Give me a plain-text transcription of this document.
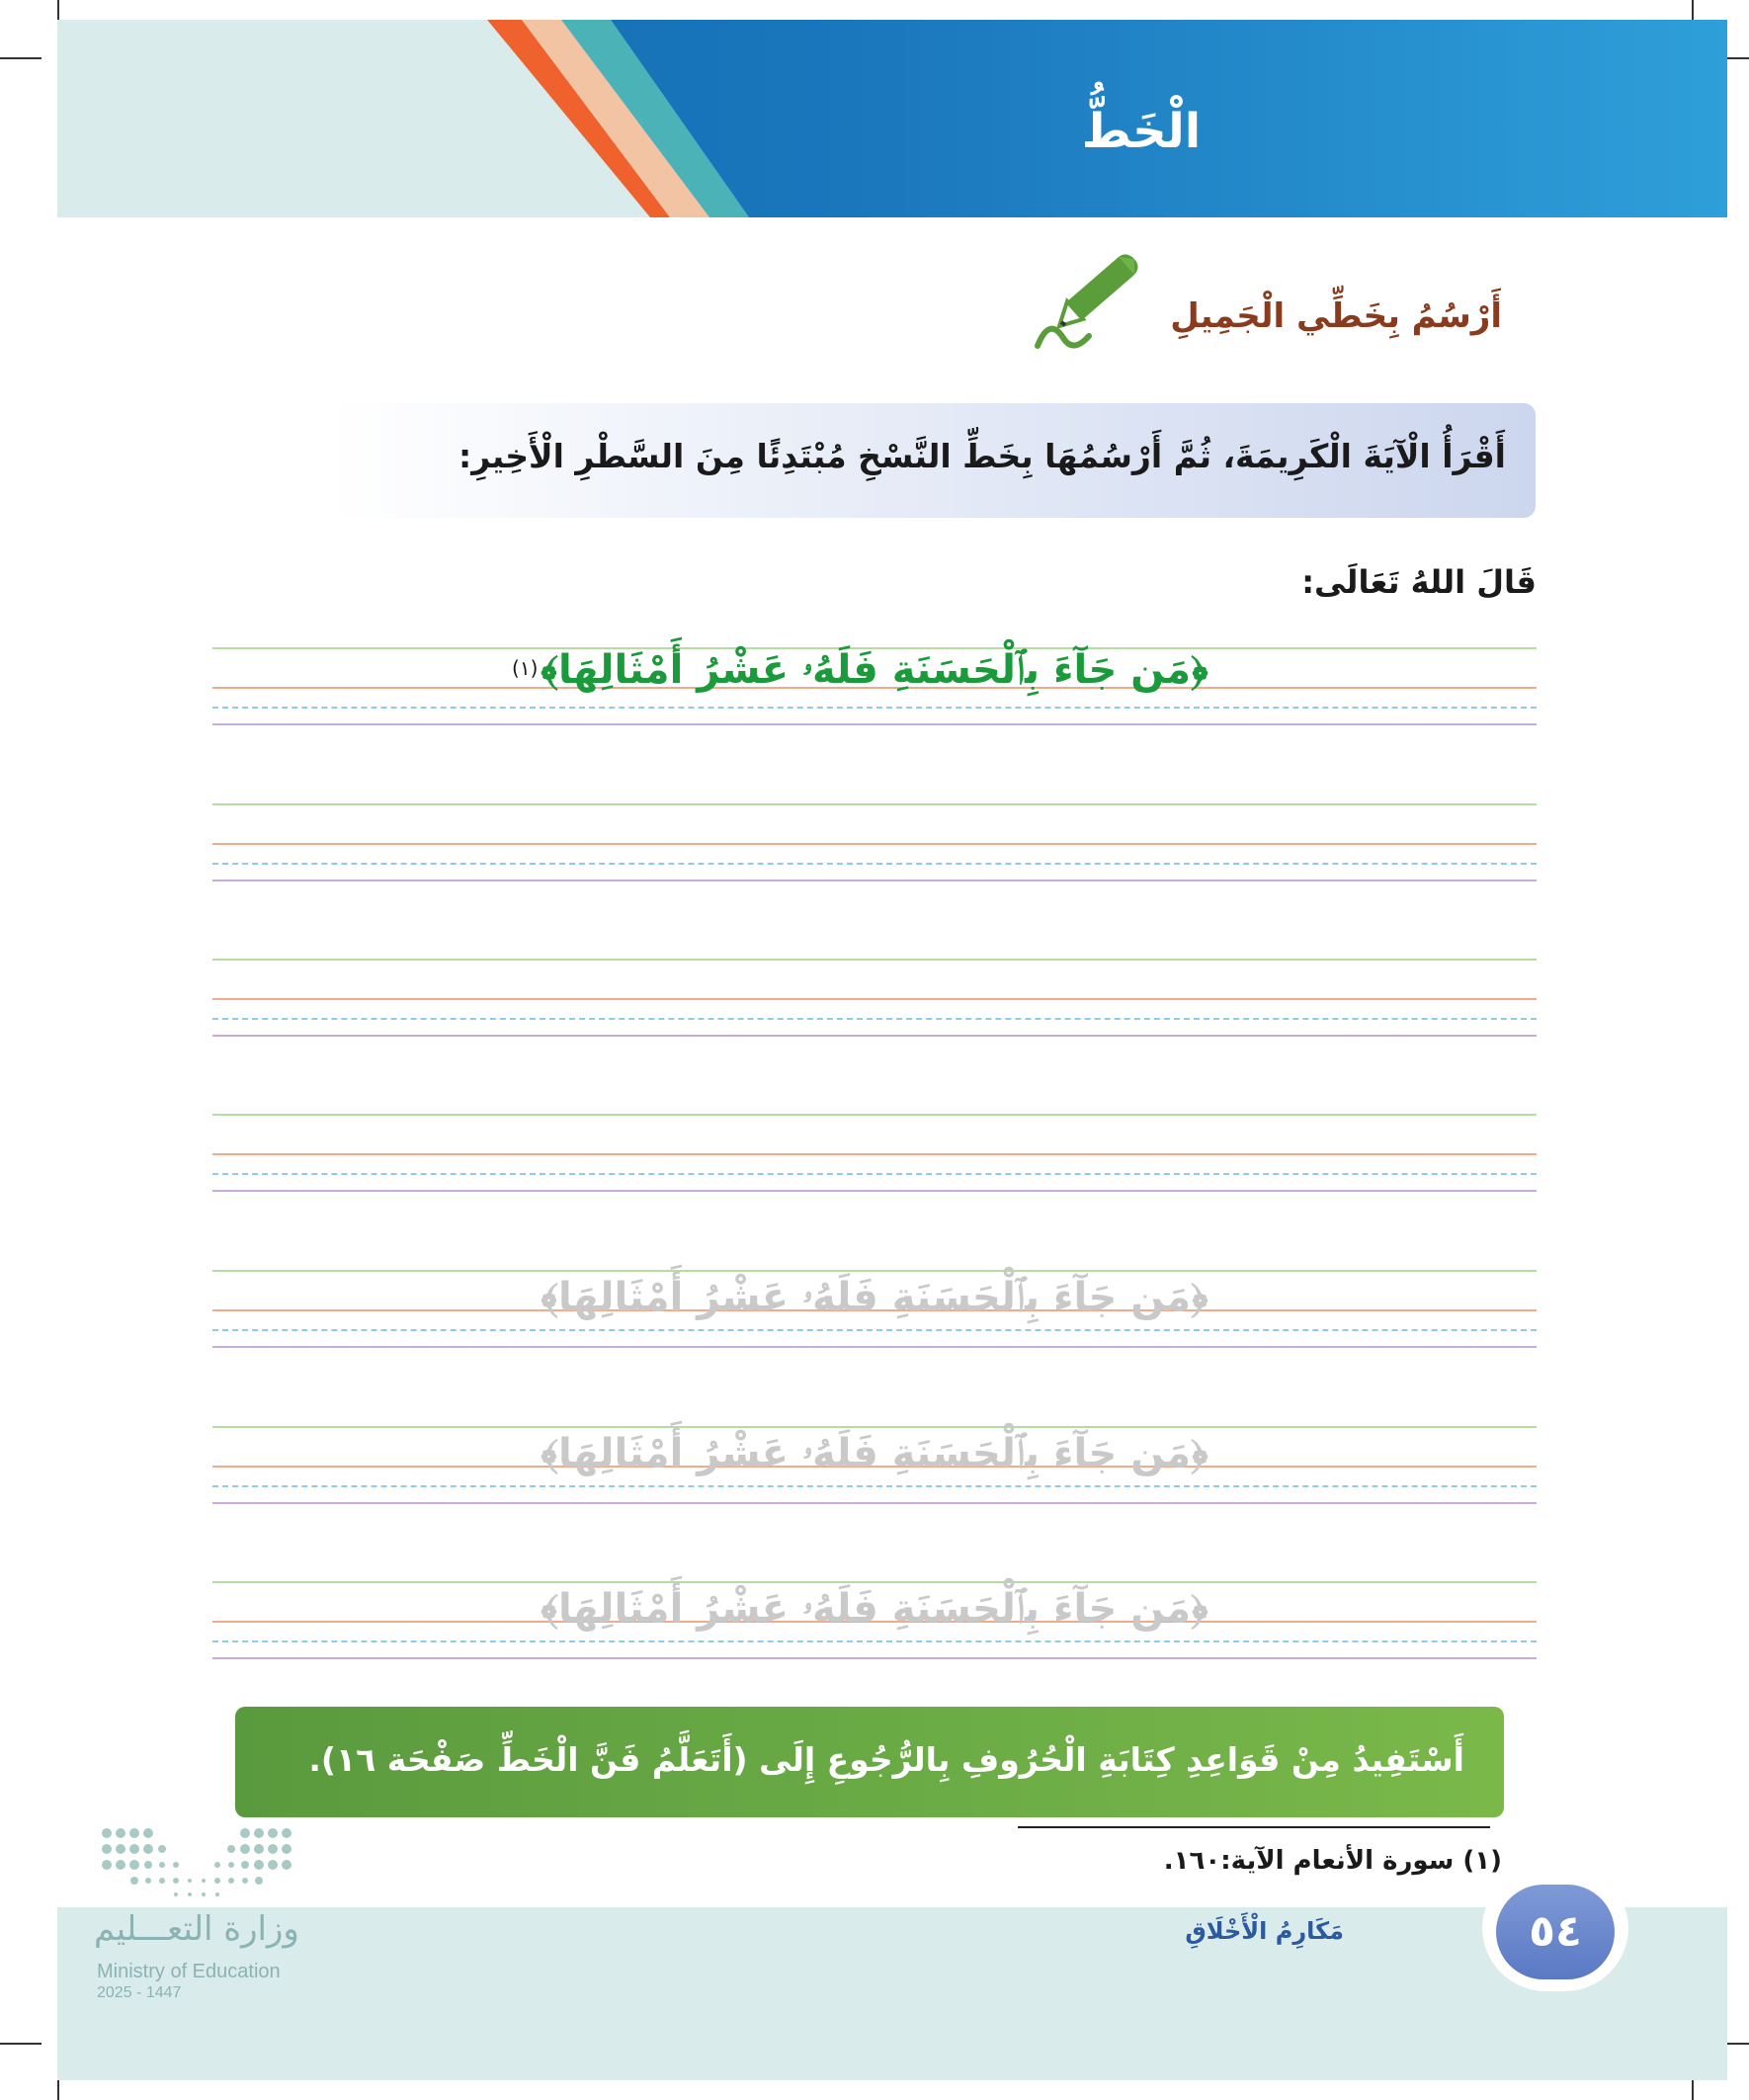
الْخَطُّ
أَرْسُمُ بِخَطِّي الْجَمِيلِ
أَقْرَأُ الْآيَةَ الْكَرِيمَةَ، ثُمَّ أَرْسُمُهَا بِخَطِّ النَّسْخِ مُبْتَدِئًا مِنَ السَّطْرِ الْأَخِيرِ:
قَالَ اللهُ تَعَالَى:
﴿مَن جَآءَ بِٱلْحَسَنَةِ فَلَهُۥ عَشْرُ أَمْثَالِهَا﴾
(١)
﴿مَن جَآءَ بِٱلْحَسَنَةِ فَلَهُۥ عَشْرُ أَمْثَالِهَا﴾
﴿مَن جَآءَ بِٱلْحَسَنَةِ فَلَهُۥ عَشْرُ أَمْثَالِهَا﴾
﴿مَن جَآءَ بِٱلْحَسَنَةِ فَلَهُۥ عَشْرُ أَمْثَالِهَا﴾
أَسْتَفِيدُ مِنْ قَوَاعِدِ كِتَابَةِ الْحُرُوفِ بِالرُّجُوعِ إِلَى (أَتَعَلَّمُ فَنَّ الْخَطِّ صَفْحَة ١٦).
(١) سورة الأنعام الآية:١٦٠.
مَكَارِمُ الْأَخْلَاقِ	٥٤
وزارة التعـــليم
Ministry of Education
2025 - 1447
